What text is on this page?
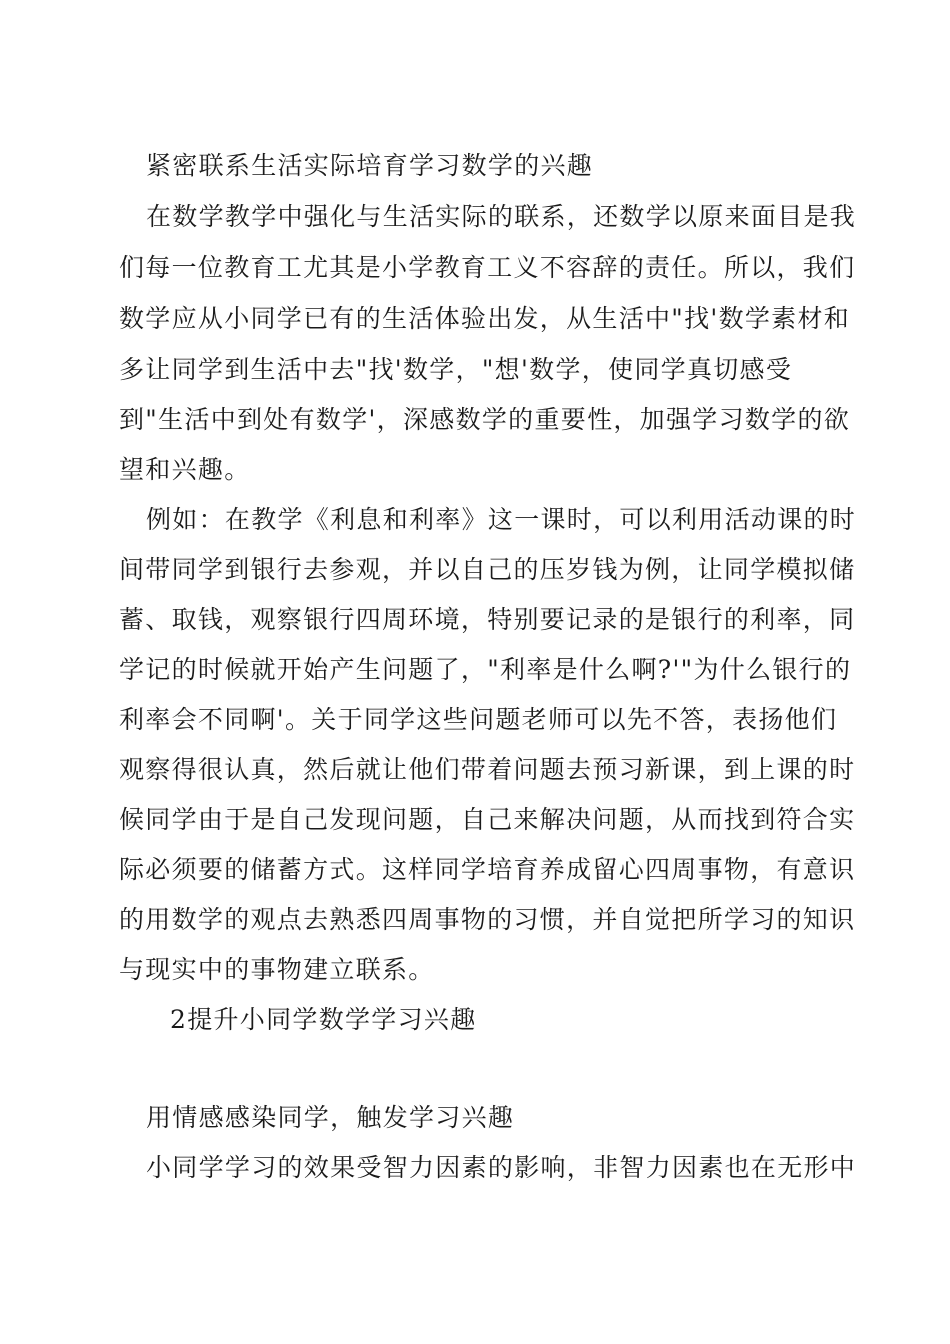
紧密联系生活实际培育学习数学的兴趣
在数学教学中强化与生活实际的联系，还数学以原来面目是我
们每一位教育工尤其是小学教育工义不容辞的责任。所以，我们
数学应从小同学已有的生活体验出发，从生活中"找'数学素材和
多让同学到生活中去"找'数学，"想'数学，使同学真切感受
到"生活中到处有数学'，深感数学的重要性，加强学习数学的欲
望和兴趣。
例如：在教学《利息和利率》这一课时，可以利用活动课的时
间带同学到银行去参观，并以自己的压岁钱为例，让同学模拟储
蓄、取钱，观察银行四周环境，特别要记录的是银行的利率，同
学记的时候就开始产生问题了，"利率是什么啊?'"为什么银行的
利率会不同啊'。关于同学这些问题老师可以先不答，表扬他们
观察得很认真，然后就让他们带着问题去预习新课，到上课的时
候同学由于是自己发现问题，自己来解决问题，从而找到符合实
际必须要的储蓄方式。这样同学培育养成留心四周事物，有意识
的用数学的观点去熟悉四周事物的习惯，并自觉把所学习的知识
与现实中的事物建立联系。
2提升小同学数学学习兴趣
用情感感染同学，触发学习兴趣
小同学学习的效果受智力因素的影响，非智力因素也在无形中
